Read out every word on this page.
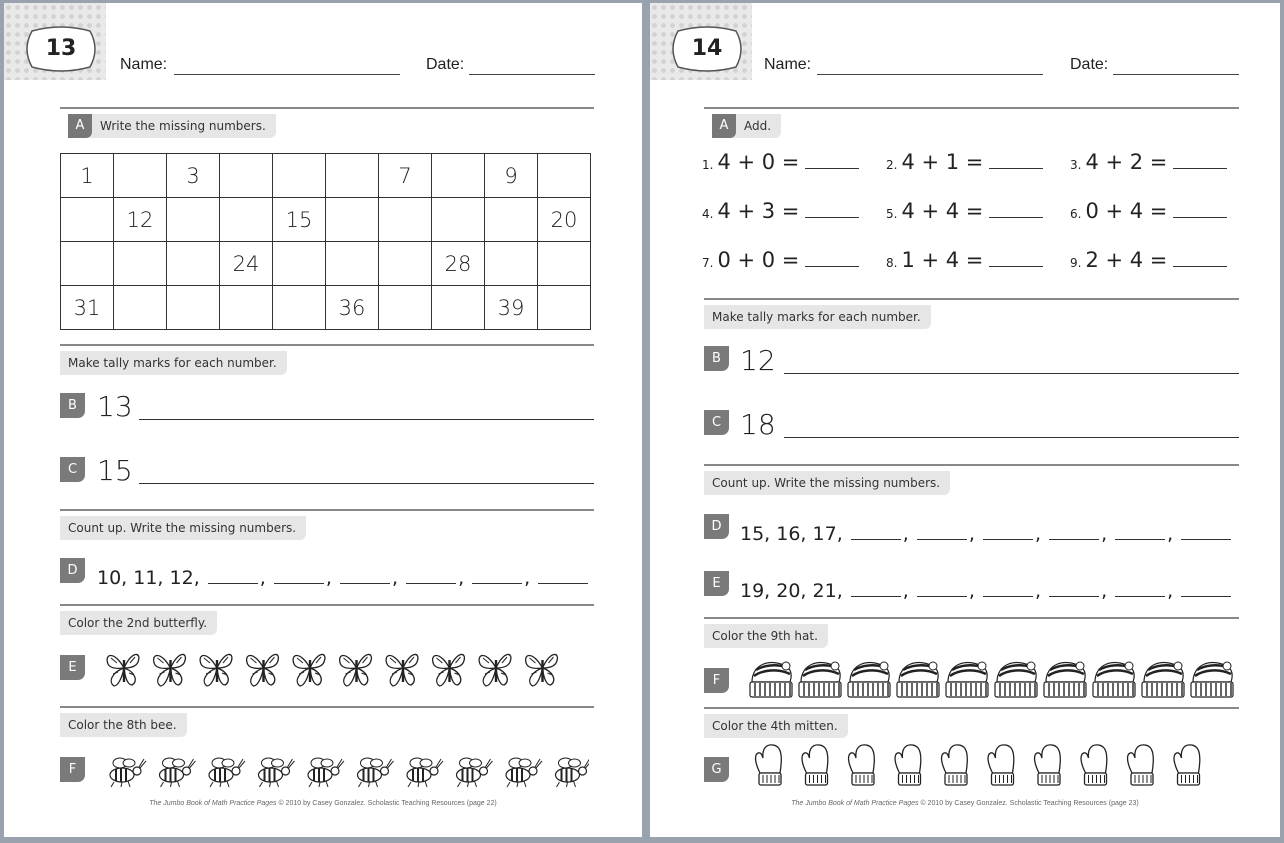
13
Name:	Date:
A Write the missing numbers.
1		3				7		9	
	12			15					20
			24				28		
31					36			39	
Make tally marks for each number.
B 13
C 15
Count up. Write the missing numbers.
D	10, 11, 12,	,	,	,	,	,
Color the 2nd butterfly.
E
Color the 8th bee.
F
The Jumbo Book of Math Practice Pages © 2010 by Casey Gonzalez. Scholastic Teaching Resources (page 22)
14
Name:	Date:
A Add.
1. 4 + 0 =	2. 4 + 1 =	3. 4 + 2 =
4. 4 + 3 =	5. 4 + 4 =	6. 0 + 4 =
7. 0 + 0 =	8. 1 + 4 =	9. 2 + 4 =
Make tally marks for each number.
B 12
C 18
Count up. Write the missing numbers.
D 15, 16, 17,	,	,	,	,	,
E	19, 20, 21,	,	,	,	,	,
Color the 9th hat.
F
Color the 4th mitten.
G
The Jumbo Book of Math Practice Pages © 2010 by Casey Gonzalez. Scholastic Teaching Resources (page 23)
